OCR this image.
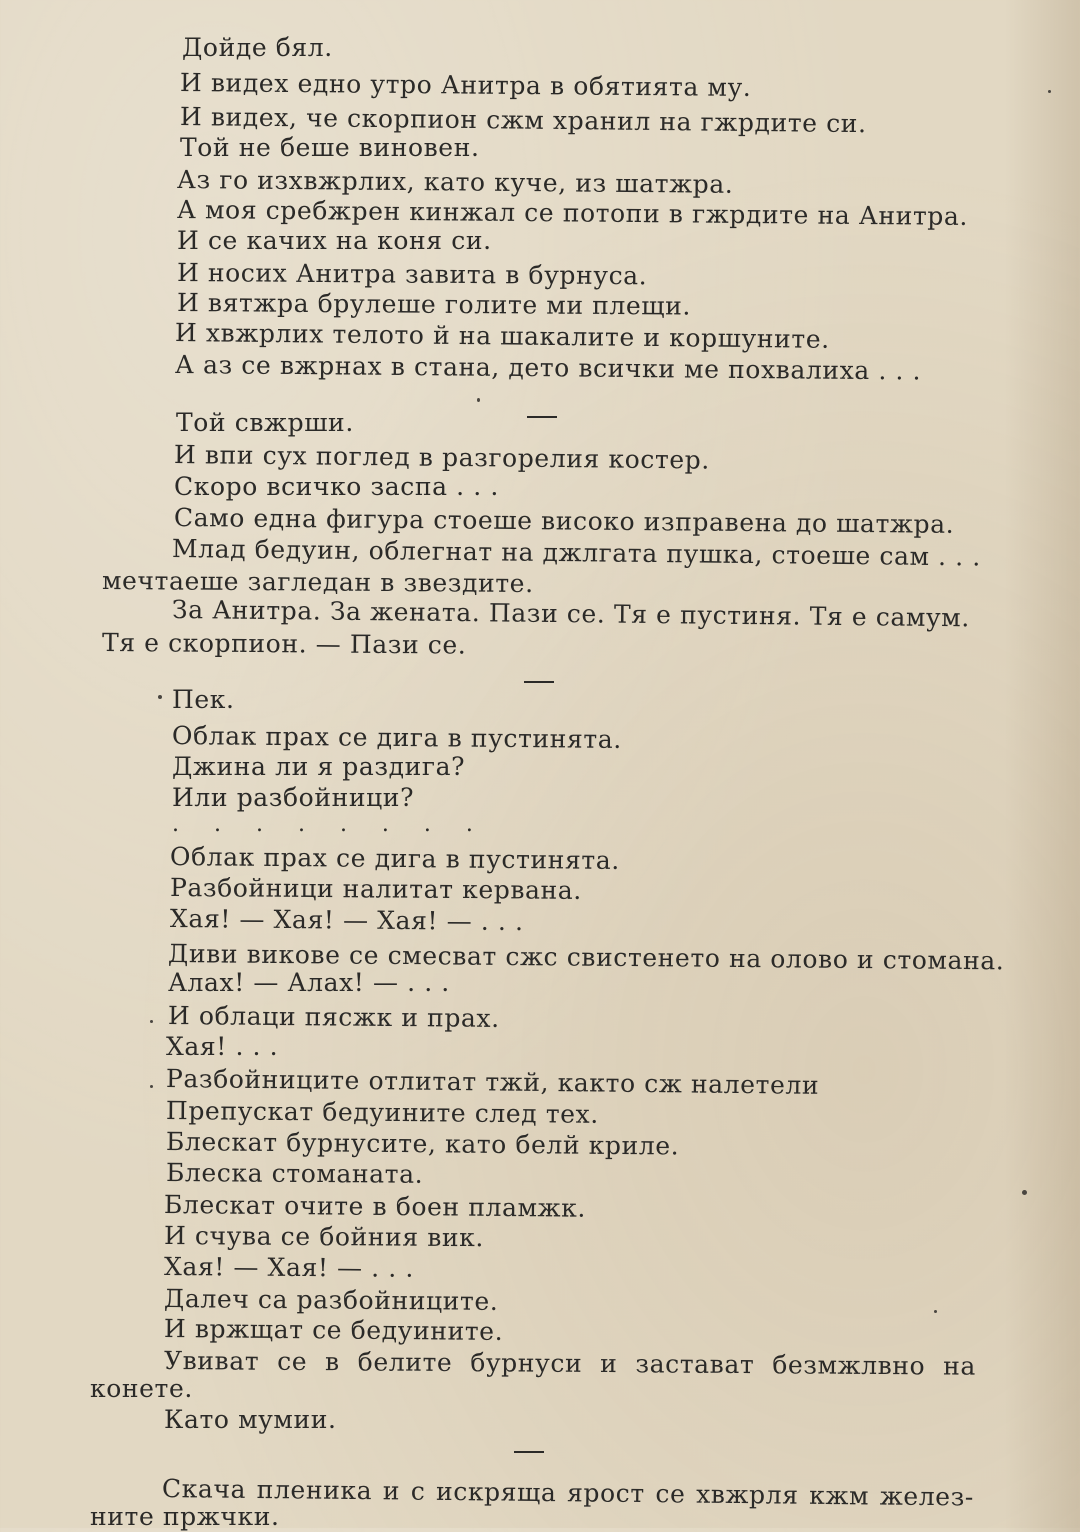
Дойде бял.
И видех едно утро Анитра в обятията му.
И видех, че скорпион сжм хранил на гжрдите си.
Той не беше виновен.
Аз го изхвжрлих, като куче, из шатжра.
А моя сребжрен кинжал се потопи в гжрдите на Анитра.
И се качих на коня си.
И носих Анитра завита в бурнуса.
И вятжра брулеше голите ми плещи.
И хвжрлих телото й на шакалите и коршуните.
А аз се вжрнах в стана, дето всички ме похвалиха . . .
Той свжрши.
И впи сух поглед в разгорелия костер.
Скоро всичко заспа . . .
Само една фигура стоеше високо изправена до шатжра.
Млад бедуин, облегнат на джлгата пушка, стоеше сам . . .
мечтаеше загледан в звездите.
За Анитра. За жената. Пази се. Тя е пустиня. Тя е самум.
Тя е скорпион. — Пази се.
Пек.
Облак прах се дига в пустинята.
Джина ли я раздига?
Или разбойници?
. . . . . . . .
Облак прах се дига в пустинята.
Разбойници налитат кервана.
Хая! — Хая! — Хая! — . . .
Диви викове се смесват сжс свистенето на олово и стомана.
Алах! — Алах! — . . .
И облаци пясжк и прах.
Хая! . . .
Разбойниците отлитат тжй, както сж налетели
Препускат бедуините след тех.
Блескат бурнусите, като белй криле.
Блеска стоманата.
Блескат очите в боен пламжк.
И счува се бойния вик.
Хая! — Хая! — . . .
Далеч са разбойниците.
И вржщат се бедуините.
Увиват се в белите бурнуси и застават безмжлвно на
конете.
Като мумии.
Скача пленика и с искряща ярост се хвжрля кжм желез-
ните пржчки.
